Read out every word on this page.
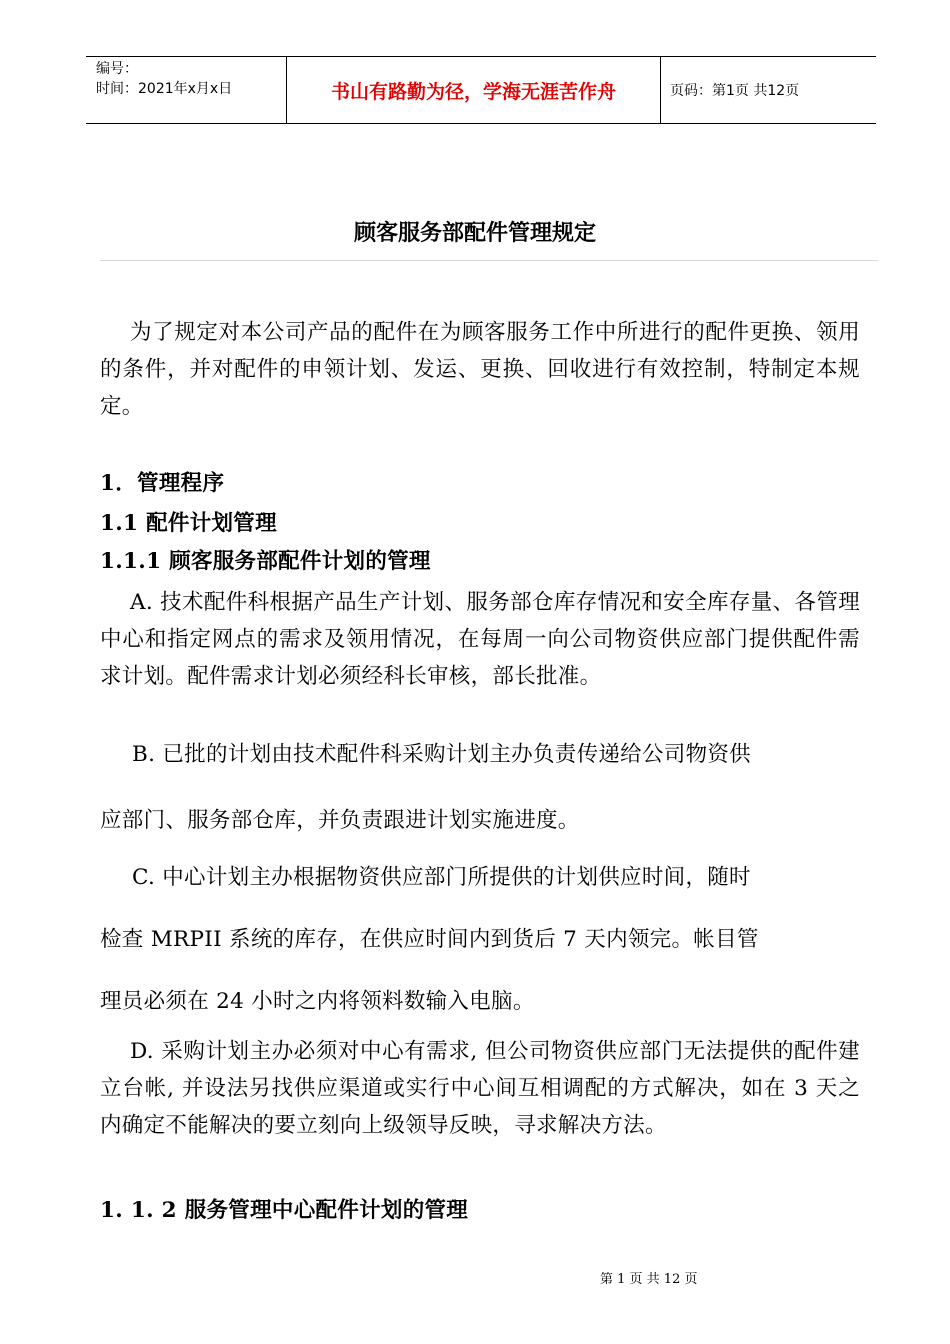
编号：
时间：2021年x月x日	书山有路勤为径，学海无涯苦作舟	页码：第1页 共12页
顾客服务部配件管理规定
为了规定对本公司产品的配件在为顾客服务工作中所进行的配件更换、领用的条件，并对配件的申领计划、发运、更换、回收进行有效控制，特制定本规定。
1．管理程序
1.1 配件计划管理
1.1.1 顾客服务部配件计划的管理
A. 技术配件科根据产品生产计划、服务部仓库存情况和安全库存量、各管理中心和指定网点的需求及领用情况，在每周一向公司物资供应部门提供配件需求计划。配件需求计划必须经科长审核，部长批准。
B. 已批的计划由技术配件科采购计划主办负责传递给公司物资供
应部门、服务部仓库，并负责跟进计划实施进度。
C. 中心计划主办根据物资供应部门所提供的计划供应时间，随时
检查 MRPII 系统的库存，在供应时间内到货后 7 天内领完。帐目管
理员必须在 24 小时之内将领料数输入电脑。
D. 采购计划主办必须对中心有需求, 但公司物资供应部门无法提供的配件建立台帐, 并设法另找供应渠道或实行中心间互相调配的方式解决，如在 3 天之内确定不能解决的要立刻向上级领导反映，寻求解决方法。
1. 1. 2 服务管理中心配件计划的管理
第 1 页 共 12 页
